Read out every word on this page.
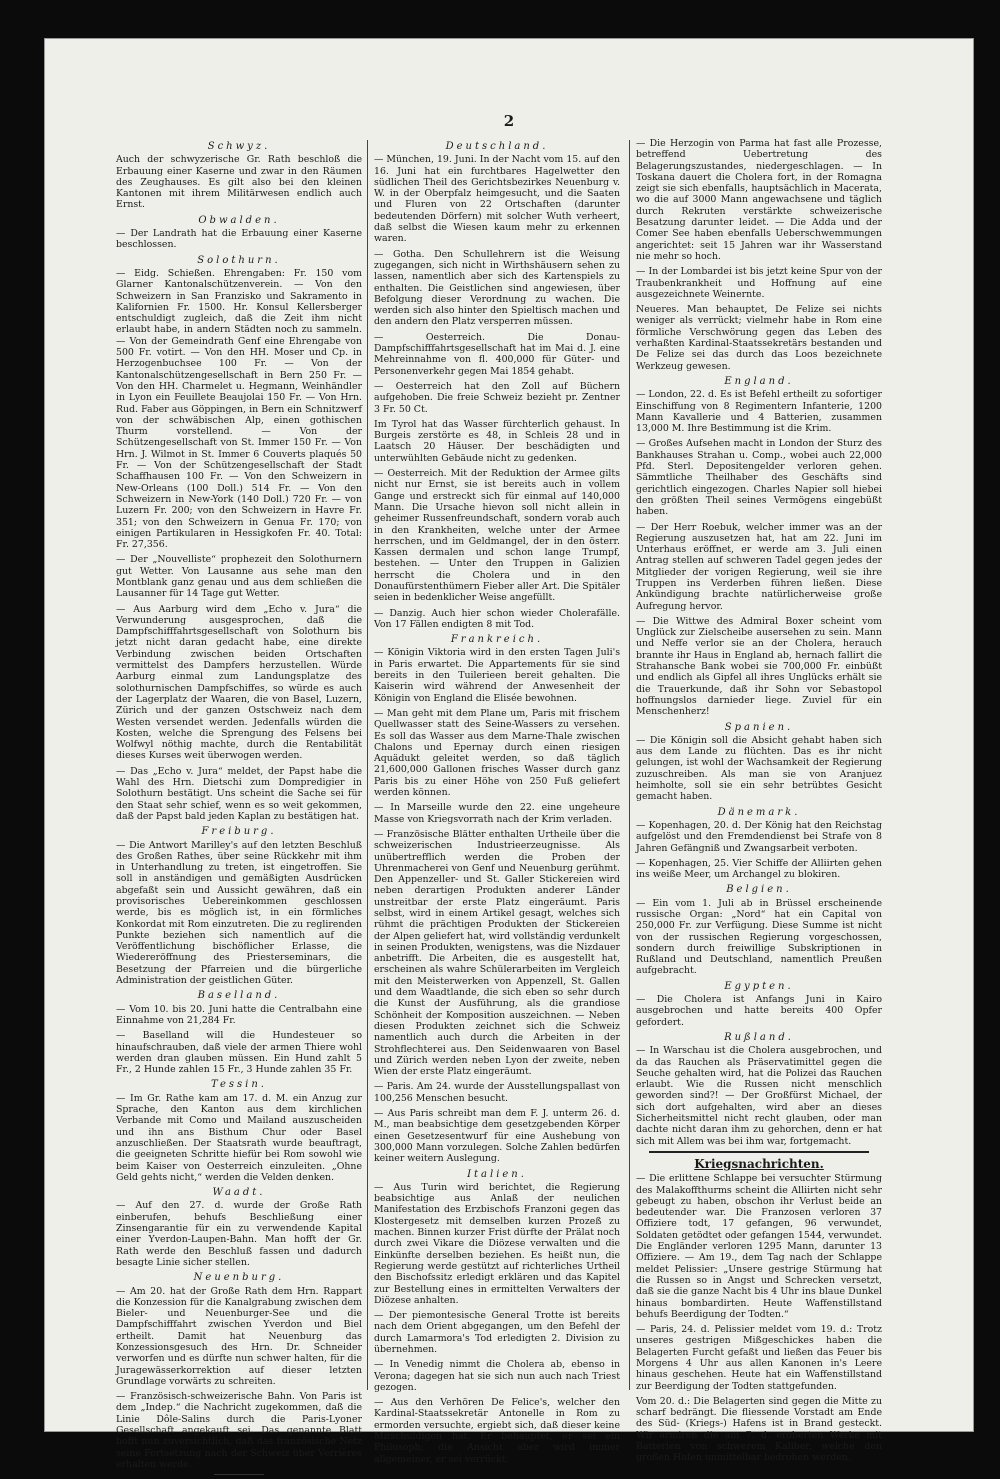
2
Schwyz.

Auch der schwyzerische Gr. Rath beschloß die Erbauung einer Kaserne und zwar in den Räumen des Zeughauses. Es gilt also bei den kleinen Kantonen mit ihrem Militärwesen endlich auch Ernst.

Obwalden.

— Der Landrath hat die Erbauung einer Kaserne beschlossen.

Solothurn.

— Eidg. Schießen. Ehrengaben: Fr. 150 vom Glarner Kantonalschützenverein. — Von den Schweizern in San Franzisko und Sakramento in Kalifornien Fr. 1500. Hr. Konsul Kellersberger entschuldigt zugleich, daß die Zeit ihm nicht erlaubt habe, in andern Städten noch zu sammeln. — Von der Gemeindrath Genf eine Ehrengabe von 500 Fr. votirt. — Von den HH. Moser und Cp. in Herzogenbuchsee 100 Fr. — Von der Kantonalschützengesellschaft in Bern 250 Fr. — Von den HH. Charmelet u. Hegmann, Weinhändler in Lyon ein Feuillete Beaujolai 150 Fr. — Von Hrn. Rud. Faber aus Göppingen, in Bern ein Schnitzwerf von der schwäbischen Alp, einen gothischen Thurm vorstellend. — Von der Schützengesellschaft von St. Immer 150 Fr. — Von Hrn. J. Wilmot in St. Immer 6 Couverts plaqués 50 Fr. — Von der Schützengesellschaft der Stadt Schaffhausen 100 Fr. — Von den Schweizern in New-Orleans (100 Doll.) 514 Fr. — Von den Schweizern in New-York (140 Doll.) 720 Fr. — von Luzern Fr. 200; von den Schweizern in Havre Fr. 351; von den Schweizern in Genua Fr. 170; von einigen Partikularen in Hessigkofen Fr. 40. Total: Fr. 27,356.

— Der „Nouvelliste“ prophezeit den Solothurnern gut Wetter. Von Lausanne aus sehe man den Montblank ganz genau und aus dem schließen die Lausanner für 14 Tage gut Wetter.

— Aus Aarburg wird dem „Echo v. Jura“ die Verwunderung ausgesprochen, daß die Dampfschifffahrtsgesellschaft von Solothurn bis jetzt nicht daran gedacht habe, eine direkte Verbindung zwischen beiden Ortschaften vermittelst des Dampfers herzustellen. Würde Aarburg einmal zum Landungsplatze des solothurnischen Dampfschiffes, so würde es auch der Lagerplatz der Waaren, die von Basel, Luzern, Zürich und der ganzen Ostschweiz nach dem Westen versendet werden. Jedenfalls würden die Kosten, welche die Sprengung des Felsens bei Wolfwyl nöthig machte, durch die Rentabilität dieses Kurses weit überwogen werden.

— Das „Echo v. Jura“ meldet, der Papst habe die Wahl des Hrn. Dietschi zum Dompredigier in Solothurn bestätigt. Uns scheint die Sache sei für den Staat sehr schief, wenn es so weit gekommen, daß der Papst bald jeden Kaplan zu bestätigen hat.

Freiburg.

— Die Antwort Marilley's auf den letzten Beschluß des Großen Rathes, über seine Rückkehr mit ihm in Unterhandlung zu treten, ist eingetroffen. Sie soll in anständigen und gemäßigten Ausdrücken abgefaßt sein und Aussicht gewähren, daß ein provisorisches Uebereinkommen geschlossen werde, bis es möglich ist, in ein förmliches Konkordat mit Rom einzutreten. Die zu reglirenden Punkte beziehen sich namentlich auf die Veröffentlichung bischöflicher Erlasse, die Wiedereröffnung des Priesterseminars, die Besetzung der Pfarreien und die bürgerliche Administration der geistlichen Güter.

Baselland.

— Vom 10. bis 20. Juni hatte die Centralbahn eine Einnahme von 21,284 Fr.

— Baselland will die Hundesteuer so hinaufschrauben, daß viele der armen Thiere wohl werden dran glauben müssen. Ein Hund zahlt 5 Fr., 2 Hunde zahlen 15 Fr., 3 Hunde zahlen 35 Fr.

Tessin.

— Im Gr. Rathe kam am 17. d. M. ein Anzug zur Sprache, den Kanton aus dem kirchlichen Verbande mit Como und Mailand auszuscheiden und ihn ans Bisthum Chur oder Basel anzuschließen. Der Staatsrath wurde beauftragt, die geeigneten Schritte hiefür bei Rom sowohl wie beim Kaiser von Oesterreich einzuleiten. „Ohne Geld gehts nicht,“ werden die Velden denken.

Waadt.

— Auf den 27. d. wurde der Große Rath einberufen, behufs Beschließung einer Zinsengarantie für ein zu verwendende Kapital einer Yverdon-Laupen-Bahn. Man hofft der Gr. Rath werde den Beschluß fassen und dadurch besagte Linie sicher stellen.

Neuenburg.

— Am 20. hat der Große Rath dem Hrn. Rappart die Konzession für die Kanalgrabung zwischen dem Bieler- und Neuenburger-See und die Dampfschifffahrt zwischen Yverdon und Biel ertheilt. Damit hat Neuenburg das Konzessionsgesuch des Hrn. Dr. Schneider verworfen und es dürfte nun schwer halten, für die Juragewässerkorrektion auf dieser letzten Grundlage vorwärts zu schreiten.

— Französisch-schweizerische Bahn. Von Paris ist dem „Indep.“ die Nachricht zugekommen, daß die Linie Dôle-Salins durch die Paris-Lyoner Gesellschaft angekauft sei. Das genannte Blatt hofft nun zuversichtlich, daß das französische Netz seine Fortsetzung nach der Schweiz über Verrières erhalten werde.

Deutschland.

— München, 19. Juni. In der Nacht vom 15. auf den 16. Juni hat ein furchtbares Hagelwetter den südlichen Theil des Gerichtsbezirkes Neuenburg v. W. in der Oberpfalz heimgesucht, und die Saaten und Fluren von 22 Ortschaften (darunter bedeutenden Dörfern) mit solcher Wuth verheert, daß selbst die Wiesen kaum mehr zu erkennen waren.

— Gotha. Den Schullehrern ist die Weisung zugegangen, sich nicht in Wirthshäusern sehen zu lassen, namentlich aber sich des Kartenspiels zu enthalten. Die Geistlichen sind angewiesen, über Befolgung dieser Verordnung zu wachen. Die werden sich also hinter den Spieltisch machen und den andern den Platz versperren müssen.

— Oesterreich. Die Donau-Dampfschifffahrtsgesellschaft hat im Mai d. J. eine Mehreinnahme von fl. 400,000 für Güter- und Personenverkehr gegen Mai 1854 gehabt.

— Oesterreich hat den Zoll auf Büchern aufgehoben. Die freie Schweiz bezieht pr. Zentner 3 Fr. 50 Ct.

Im Tyrol hat das Wasser fürchterlich gehaust. In Burgeis zerstörte es 48, in Schleis 28 und in Laatsch 20 Häuser. Der beschädigten und unterwühlten Gebäude nicht zu gedenken.

— Oesterreich. Mit der Reduktion der Armee gilts nicht nur Ernst, sie ist bereits auch in vollem Gange und erstreckt sich für einmal auf 140,000 Mann. Die Ursache hievon soll nicht allein in geheimer Russenfreundschaft, sondern vorab auch in den Krankheiten, welche unter der Armee herrschen, und im Geldmangel, der in den österr. Kassen dermalen und schon lange Trumpf, bestehen. — Unter den Truppen in Galizien herrscht die Cholera und in den Donaufürstenthümern Fieber aller Art. Die Spitäler seien in bedenklicher Weise angefüllt.

— Danzig. Auch hier schon wieder Cholerafälle. Von 17 Fällen endigten 8 mit Tod.

Frankreich.

— Königin Viktoria wird in den ersten Tagen Juli's in Paris erwartet. Die Appartements für sie sind bereits in den Tuilerieen bereit gehalten. Die Kaiserin wird während der Anwesenheit der Königin von England die Elisée bewohnen.

— Man geht mit dem Plane um, Paris mit frischem Quellwasser statt des Seine-Wassers zu versehen. Es soll das Wasser aus dem Marne-Thale zwischen Chalons und Epernay durch einen riesigen Aquädukt geleitet werden, so daß täglich 21,600,000 Gallonen frisches Wasser durch ganz Paris bis zu einer Höhe von 250 Fuß geliefert werden können.

— In Marseille wurde den 22. eine ungeheure Masse von Kriegsvorrath nach der Krim verladen.

— Französische Blätter enthalten Urtheile über die schweizerischen Industrieerzeugnisse. Als unübertrefflich werden die Proben der Uhrenmacherei von Genf und Neuenburg gerühmt. Den Appenzeller- und St. Galler Stickereien wird neben derartigen Produkten anderer Länder unstreitbar der erste Platz eingeräumt. Paris selbst, wird in einem Artikel gesagt, welches sich rühmt die prächtigen Produkten der Stickereien der Alpen geliefert hat, wird vollständig verdunkelt in seinen Produkten, wenigstens, was die Nizdauer anbetrifft. Die Arbeiten, die es ausgestellt hat, erscheinen als wahre Schülerarbeiten im Vergleich mit den Meisterwerken von Appenzell, St. Gallen und dem Waadtlande, die sich eben so sehr durch die Kunst der Ausführung, als die grandiose Schönheit der Komposition auszeichnen. — Neben diesen Produkten zeichnet sich die Schweiz namentlich auch durch die Arbeiten in der Strohflechterei aus. Den Seidenwaaren von Basel und Zürich werden neben Lyon der zweite, neben Wien der erste Platz eingeräumt.

— Paris. Am 24. wurde der Ausstellungspallast von 100,256 Menschen besucht.

— Aus Paris schreibt man dem F. J. unterm 26. d. M., man beabsichtige dem gesetzgebenden Körper einen Gesetzesentwurf für eine Aushebung von 300,000 Mann vorzulegen. Solche Zahlen bedürfen keiner weitern Auslegung.

Italien.

— Aus Turin wird berichtet, die Regierung beabsichtige aus Anlaß der neulichen Manifestation des Erzbischofs Franzoni gegen das Klostergesetz mit demselben kurzen Prozeß zu machen. Binnen kurzer Frist dürfte der Prälat noch durch zwei Vikare die Diözese verwalten und die Einkünfte derselben beziehen. Es heißt nun, die Regierung werde gestützt auf richterliches Urtheil den Bischofssitz erledigt erklären und das Kapitel zur Bestellung eines in ermittelten Verwalters der Diözese anhalten.

— Der piemontesische General Trotte ist bereits nach dem Orient abgegangen, um den Befehl der durch Lamarmora's Tod erledigten 2. Division zu übernehmen.

— In Venedig nimmt die Cholera ab, ebenso in Verona; dagegen hat sie sich nun auch nach Triest gezogen.

— Aus den Verhören De Felice's, welcher den Kardinal-Staatssekretär Antonelle in Rom zu ermorden versuchte, ergiebt sich, daß dieser keine Mitschuldigen hat. Er behauptet, er sei ein Philosoph; die Ansicht aber wird immer allgemeiner, er sei verrückt.

— Die Herzogin von Parma hat fast alle Prozesse, betreffend Uebertretung des Belagerungszustandes, niedergeschlagen. — In Toskana dauert die Cholera fort, in der Romagna zeigt sie sich ebenfalls, hauptsächlich in Macerata, wo die auf 3000 Mann angewachsene und täglich durch Rekruten verstärkte schweizerische Besatzung darunter leidet. — Die Adda und der Comer See haben ebenfalls Ueberschwemmungen angerichtet: seit 15 Jahren war ihr Wasserstand nie mehr so hoch.

— In der Lombardei ist bis jetzt keine Spur von der Traubenkrankheit und Hoffnung auf eine ausgezeichnete Weinernte.

Neueres. Man behauptet, De Felize sei nichts weniger als verrückt; vielmehr habe in Rom eine förmliche Verschwörung gegen das Leben des verhaßten Kardinal-Staatssekretärs bestanden und De Felize sei das durch das Loos bezeichnete Werkzeug gewesen.

England.

— London, 22. d. Es ist Befehl ertheilt zu sofortiger Einschiffung von 8 Regimentern Infanterie, 1200 Mann Kavallerie und 4 Batterien, zusammen 13,000 M. Ihre Bestimmung ist die Krim.

— Großes Aufsehen macht in London der Sturz des Bankhauses Strahan u. Comp., wobei auch 22,000 Pfd. Sterl. Depositengelder verloren gehen. Sämmtliche Theilhaber des Geschäfts sind gerichtlich eingezogen. Charles Napier soll hiebei den größten Theil seines Vermögens eingebüßt haben.

— Der Herr Roebuk, welcher immer was an der Regierung auszusetzen hat, hat am 22. Juni im Unterhaus eröffnet, er werde am 3. Juli einen Antrag stellen auf schweren Tadel gegen jedes der Mitglieder der vorigen Regierung, weil sie ihre Truppen ins Verderben führen ließen. Diese Ankündigung brachte natürlicherweise große Aufregung hervor.

— Die Wittwe des Admiral Boxer scheint vom Unglück zur Zielscheibe ausersehen zu sein. Mann und Neffe verlor sie an der Cholera, herauch brannte ihr Haus in England ab, hernach fallirt die Strahansche Bank wobei sie 700,000 Fr. einbüßt und endlich als Gipfel all ihres Unglücks erhält sie die Trauerkunde, daß ihr Sohn vor Sebastopol hoffnungslos darnieder liege. Zuviel für ein Menschenherz!

Spanien.

— Die Königin soll die Absicht gehabt haben sich aus dem Lande zu flüchten. Das es ihr nicht gelungen, ist wohl der Wachsamkeit der Regierung zuzuschreiben. Als man sie von Aranjuez heimholte, soll sie ein sehr betrübtes Gesicht gemacht haben.

Dänemark.

— Kopenhagen, 20. d. Der König hat den Reichstag aufgelöst und den Fremdendienst bei Strafe von 8 Jahren Gefängniß und Zwangsarbeit verboten.

— Kopenhagen, 25. Vier Schiffe der Alliirten gehen ins weiße Meer, um Archangel zu blokiren.

Belgien.

— Ein vom 1. Juli ab in Brüssel erscheinende russische Organ: „Nord“ hat ein Capital von 250,000 Fr. zur Verfügung. Diese Summe ist nicht von der russischen Regierung vorgeschossen, sondern durch freiwillige Subskriptionen in Rußland und Deutschland, namentlich Preußen aufgebracht.

Egypten.

— Die Cholera ist Anfangs Juni in Kairo ausgebrochen und hatte bereits 400 Opfer gefordert.

Rußland.

— In Warschau ist die Cholera ausgebrochen, und da das Rauchen als Präservatimittel gegen die Seuche gehalten wird, hat die Polizei das Rauchen erlaubt. Wie die Russen nicht menschlich geworden sind?! — Der Großfürst Michael, der sich dort aufgehalten, wird aber an dieses Sicherheitsmittel nicht recht glauben, oder man dachte nicht daran ihm zu gehorchen, denn er hat sich mit Allem was bei ihm war, fortgemacht.

Kriegsnachrichten.

— Die erlittene Schlappe bei versuchter Stürmung des Malakoffthurms scheint die Alliirten nicht sehr gebeugt zu haben, obschon ihr Verlust beide an bedeutender war. Die Franzosen verloren 37 Offiziere todt, 17 gefangen, 96 verwundet, Soldaten getödtet oder gefangen 1544, verwundet. Die Engländer verloren 1295 Mann, darunter 13 Offiziere. — Am 19., dem Tag nach der Schlappe meldet Pelissier: „Unsere gestrige Stürmung hat die Russen so in Angst und Schrecken versetzt, daß sie die ganze Nacht bis 4 Uhr ins blaue Dunkel hinaus bombardirten. Heute Waffenstillstand behufs Beerdigung der Todten.“

— Paris, 24. d. Pelissier meldet vom 19. d.: Trotz unseres gestrigen Mißgeschickes haben die Belagerten Furcht gefaßt und ließen das Feuer bis Morgens 4 Uhr aus allen Kanonen in's Leere hinaus geschehen. Heute hat ein Waffenstillstand zur Beerdigung der Todten stattgefunden.

Vom 20. d.: Die Belagerten sind gegen die Mitte zu scharf bedrängt. Die fliessende Vorstadt am Ende des Süd- (Kriegs-) Hafens ist in Brand gesteckt. Wir armiren die am 7. d. eroberten Werke mit Batterien von schwerem Kaliber, welche den großen Hafen unmittelbar bedrohen werden.
